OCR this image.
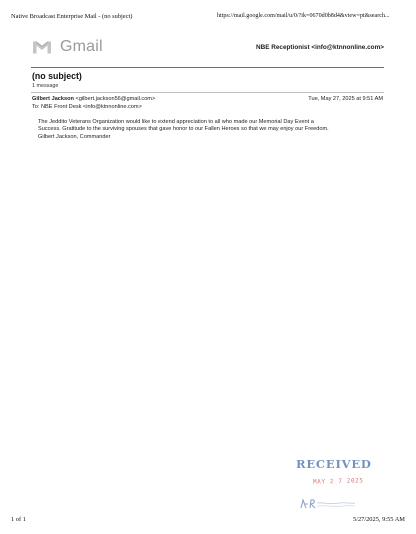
Native Broadcast Enterprise Mail - (no subject)	https://mail.google.com/mail/u/0/?ik=0670d0b8d4&view=pt&search...
Gmail	NBE Receptionist <info@ktnnonline.com>
(no subject)
1 message
Gilbert Jackson <gilbert.jackson56@gmail.com>	Tue, May 27, 2025 at 9:51 AM
To: NBE Front Desk <info@ktnnonline.com>

The Jeddito Veterans Organization would like to extend appreciation to all who made our Memorial Day Event a

Success. Gratitude to the surviving spouses that gave honor to our Fallen Heroes so that we may enjoy our Freedom.

Gilbert Jackson, Commander

RECEIVED
MAY 2 7 2025
1 of 1	5/27/2025, 9:55 AM
